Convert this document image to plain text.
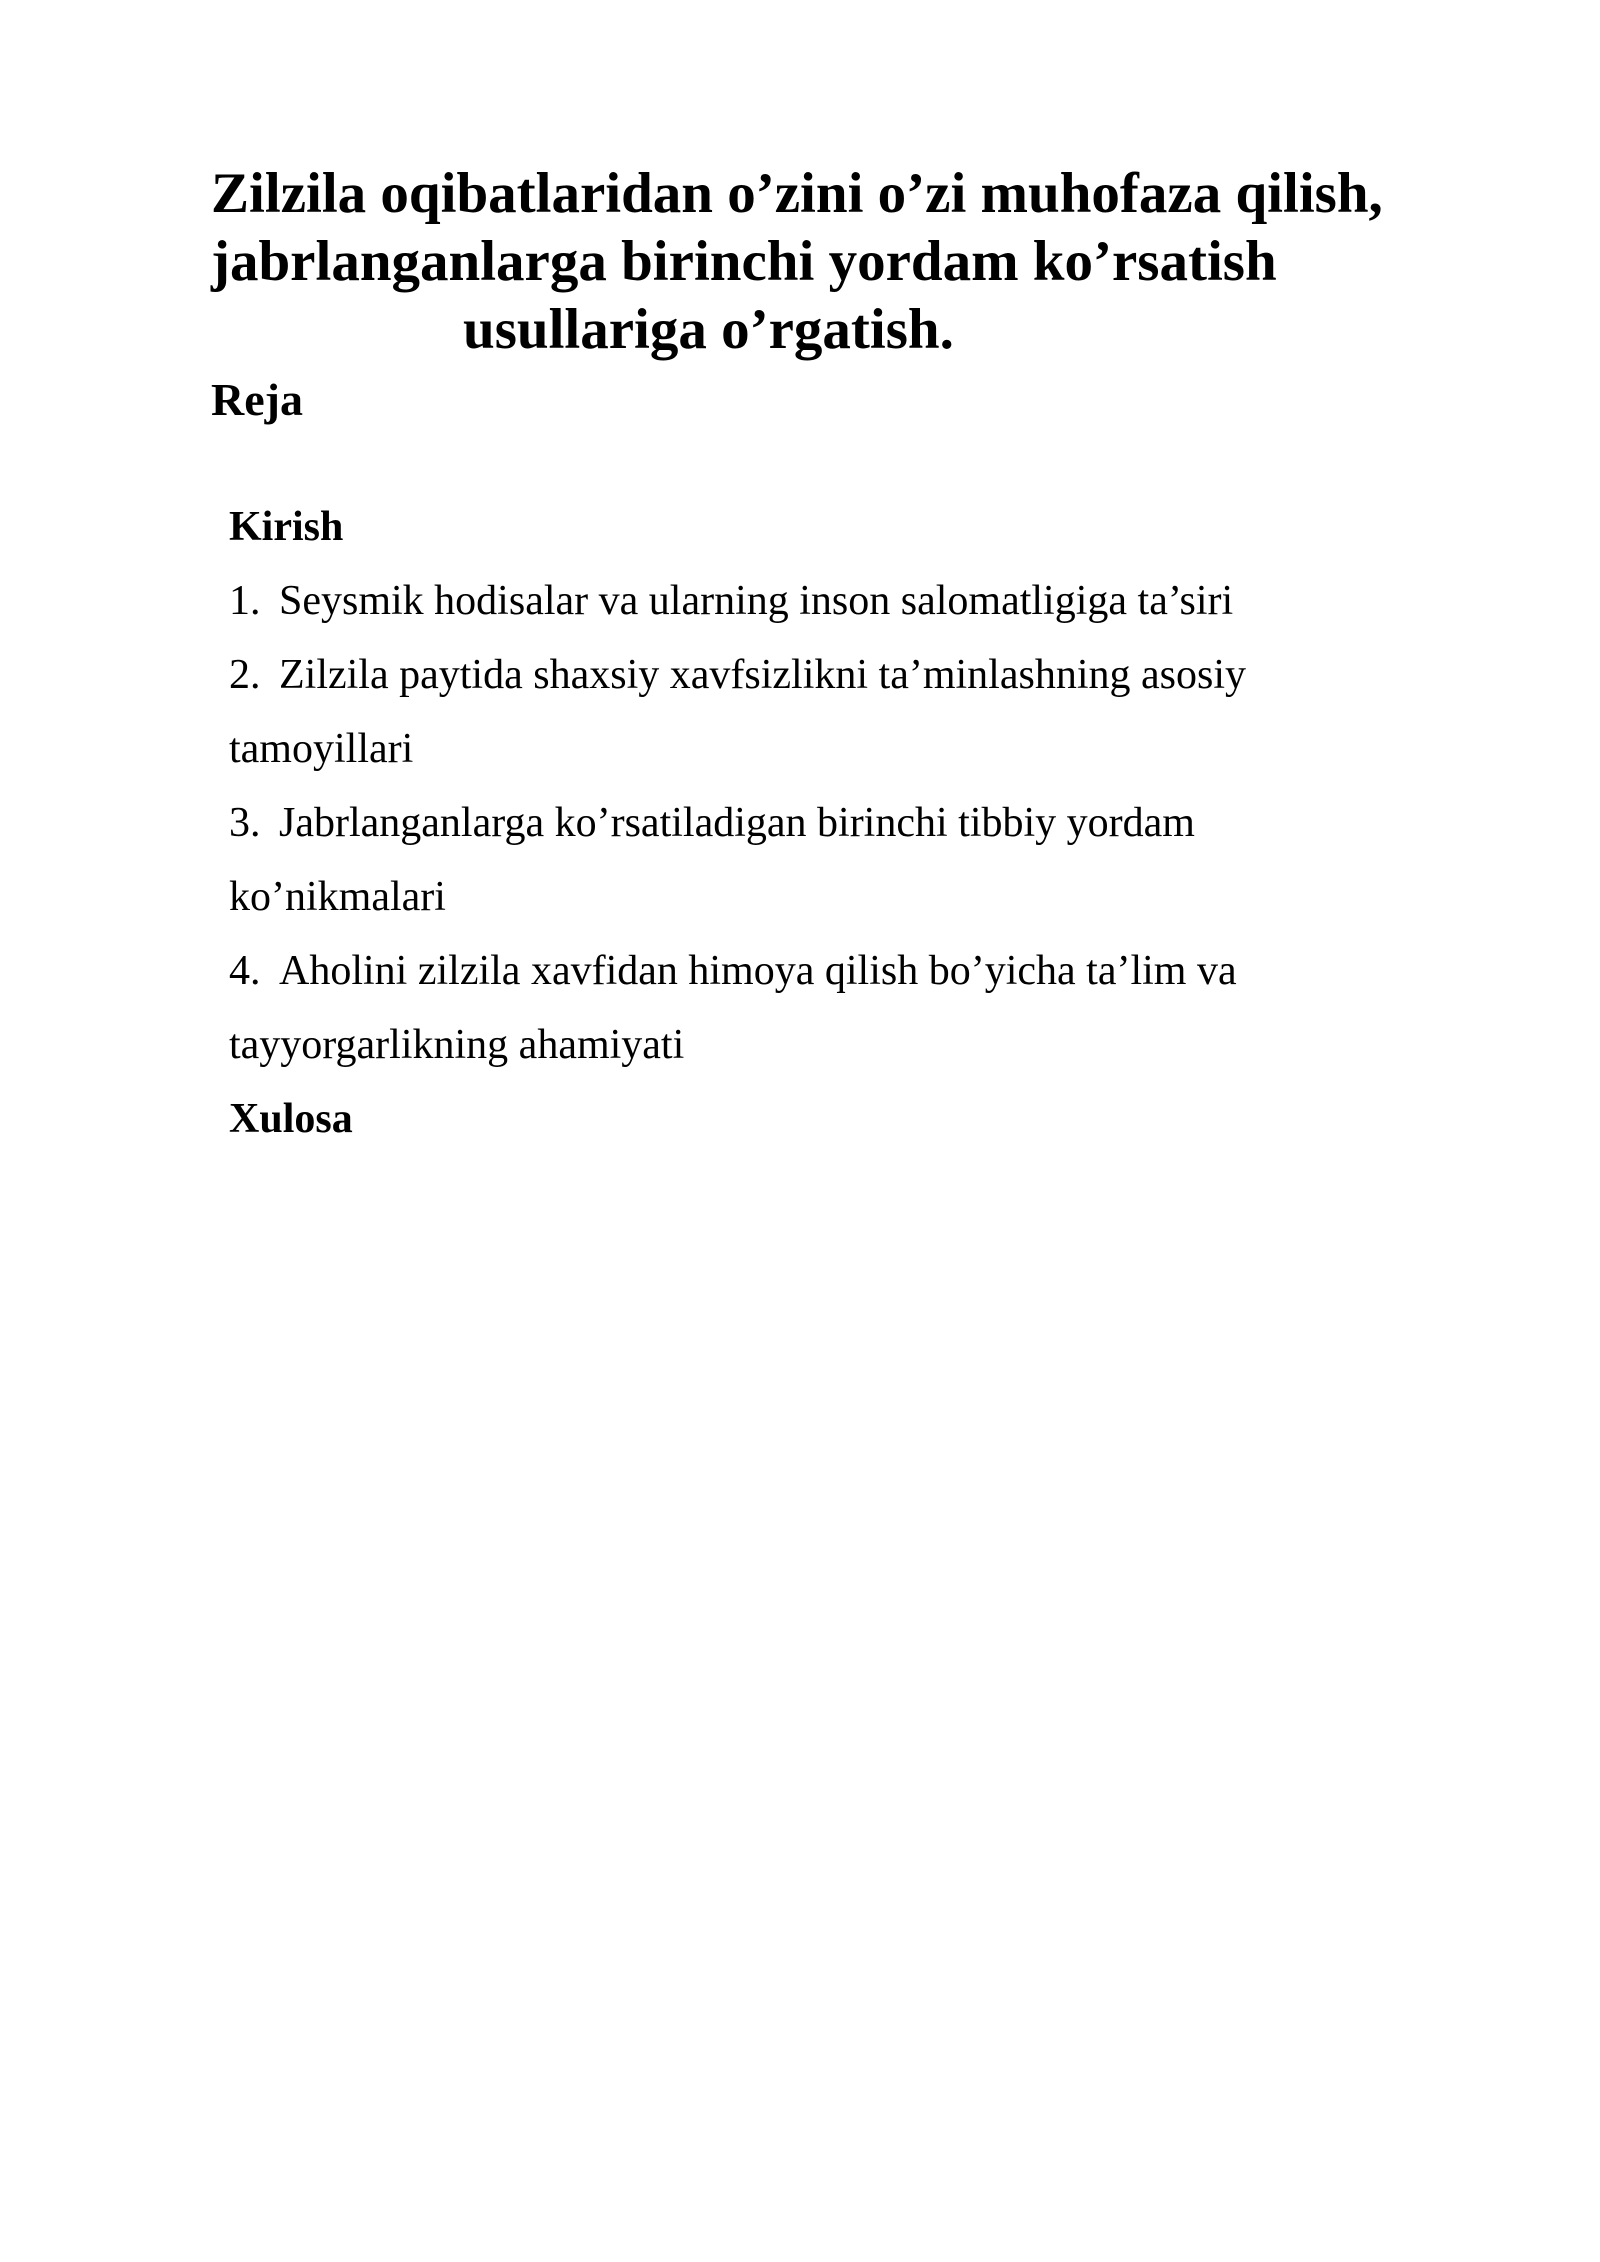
Zilzila oqibatlaridan o’zini o’zi muhofaza qilish,
jabrlanganlarga birinchi yordam ko’rsatish
usullariga o’rgatish.

Reja

Kirish

1. Seysmik hodisalar va ularning inson salomatligiga ta’siri

2. Zilzila paytida shaxsiy xavfsizlikni ta’minlashning asosiy tamoyillari

3. Jabrlanganlarga ko’rsatiladigan birinchi tibbiy yordam ko’nikmalari

4. Aholini zilzila xavfidan himoya qilish bo’yicha ta’lim va tayyorgarlikning ahamiyati

Xulosa
